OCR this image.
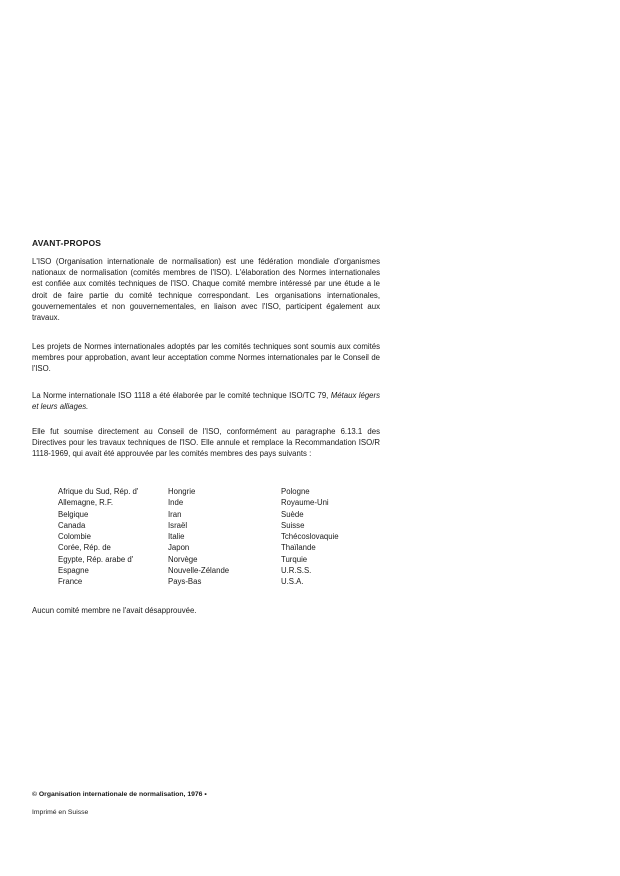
AVANT-PROPOS

L'ISO (Organisation internationale de normalisation) est une fédération mondiale d'organismes nationaux de normalisation (comités membres de l'ISO). L'élaboration des Normes internationales est confiée aux comités techniques de l'ISO. Chaque comité membre intéressé par une étude a le droit de faire partie du comité technique correspondant. Les organisations internationales, gouvernementales et non gouvernementales, en liaison avec l'ISO, participent également aux travaux.

Les projets de Normes internationales adoptés par les comités techniques sont soumis aux comités membres pour approbation, avant leur acceptation comme Normes internationales par le Conseil de l'ISO.

La Norme internationale ISO 1118 a été élaborée par le comité technique ISO/TC 79, Métaux légers et leurs alliages.

Elle fut soumise directement au Conseil de l'ISO, conformément au paragraphe 6.13.1 des Directives pour les travaux techniques de l'ISO. Elle annule et remplace la Recommandation ISO/R 1118-1969, qui avait été approuvée par les comités membres des pays suivants :

Afrique du Sud, Rép. d'
Allemagne, R.F.
Belgique
Canada
Colombie
Corée, Rép. de
Egypte, Rép. arabe d'
Espagne
France
Hongrie
Inde
Iran
Israël
Italie
Japon
Norvège
Nouvelle-Zélande
Pays-Bas
Pologne
Royaume-Uni
Suède
Suisse
Tchécoslovaquie
Thaïlande
Turquie
U.R.S.S.
U.S.A.

Aucun comité membre ne l'avait désapprouvée.

© Organisation internationale de normalisation, 1976 •
Imprimé en Suisse
